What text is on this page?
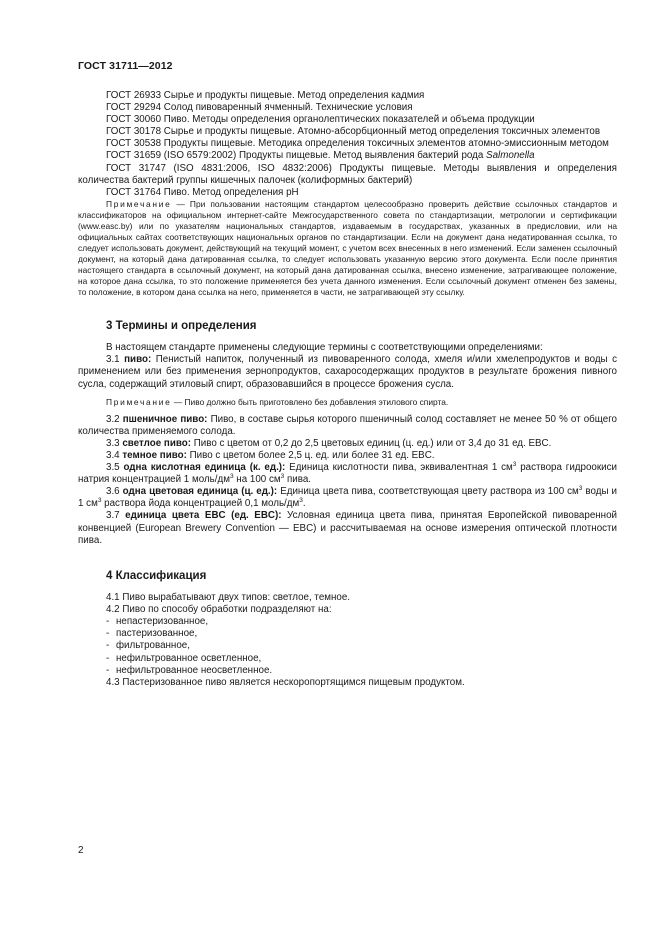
ГОСТ 31711—2012

ГОСТ 26933 Сырье и продукты пищевые. Метод определения кадмия

ГОСТ 29294 Солод пивоваренный ячменный. Технические условия

ГОСТ 30060 Пиво. Методы определения органолептических показателей и объема продукции

ГОСТ 30178 Сырье и продукты пищевые. Атомно-абсорбционный метод определения токсичных элементов

ГОСТ 30538 Продукты пищевые. Методика определения токсичных элементов атомно-эмиссионным методом

ГОСТ 31659 (ISO 6579:2002) Продукты пищевые. Метод выявления бактерий рода Salmonella

ГОСТ 31747 (ISO 4831:2006, ISO 4832:2006) Продукты пищевые. Методы выявления и определения количества бактерий группы кишечных палочек (колиформных бактерий)

ГОСТ 31764 Пиво. Метод определения pH

Примечание — При пользовании настоящим стандартом целесообразно проверить действие ссылочных стандартов и классификаторов на официальном интернет-сайте Межгосударственного совета по стандартизации, метрологии и сертификации (www.easc.by) или по указателям национальных стандартов, издаваемым в государствах, указанных в предисловии, или на официальных сайтах соответствующих национальных органов по стандартизации. Если на документ дана недатированная ссылка, то следует использовать документ, действующий на текущий момент, с учетом всех внесенных в него изменений. Если заменен ссылочный документ, на который дана датированная ссылка, то следует использовать указанную версию этого документа. Если после принятия настоящего стандарта в ссылочный документ, на который дана датированная ссылка, внесено изменение, затрагивающее положение, на которое дана ссылка, то это положение применяется без учета данного изменения. Если ссылочный документ отменен без замены, то положение, в котором дана ссылка на него, применяется в части, не затрагивающей эту ссылку.

3 Термины и определения

В настоящем стандарте применены следующие термины с соответствующими определениями:

3.1 пиво: Пенистый напиток, полученный из пивоваренного солода, хмеля и/или хмелепродуктов и воды с применением или без применения зернопродуктов, сахаросодержащих продуктов в результате брожения пивного сусла, содержащий этиловый спирт, образовавшийся в процессе брожения сусла.

Примечание — Пиво должно быть приготовлено без добавления этилового спирта.

3.2 пшеничное пиво: Пиво, в составе сырья которого пшеничный солод составляет не менее 50 % от общего количества применяемого солода.

3.3 светлое пиво: Пиво с цветом от 0,2 до 2,5 цветовых единиц (ц. ед.) или от 3,4 до 31 ед. EBC.

3.4 темное пиво: Пиво с цветом более 2,5 ц. ед. или более 31 ед. EBC.

3.5 одна кислотная единица (к. ед.): Единица кислотности пива, эквивалентная 1 $см^3$ раствора гидроокиси натрия концентрацией 1 моль/$дм^3$ на 100 $см^3$ пива.

3.6 одна цветовая единица (ц. ед.): Единица цвета пива, соответствующая цвету раствора из 100 $см^3$ воды и 1 $см^3$ раствора йода концентрацией 0,1 моль/$дм^3$.

3.7 единица цвета EBC (ед. EBC): Условная единица цвета пива, принятая Европейской пивоваренной конвенцией (European Brewery Convention — EBC) и рассчитываемая на основе измерения оптической плотности пива.

4 Классификация

4.1 Пиво вырабатывают двух типов: светлое, темное.

4.2 Пиво по способу обработки подразделяют на:

- непастеризованное,
- пастеризованное,
- фильтрованное,
- нефильтрованное осветленное,
- нефильтрованное неосветленное.

4.3 Пастеризованное пиво является нескоропортящимся пищевым продуктом.

2
